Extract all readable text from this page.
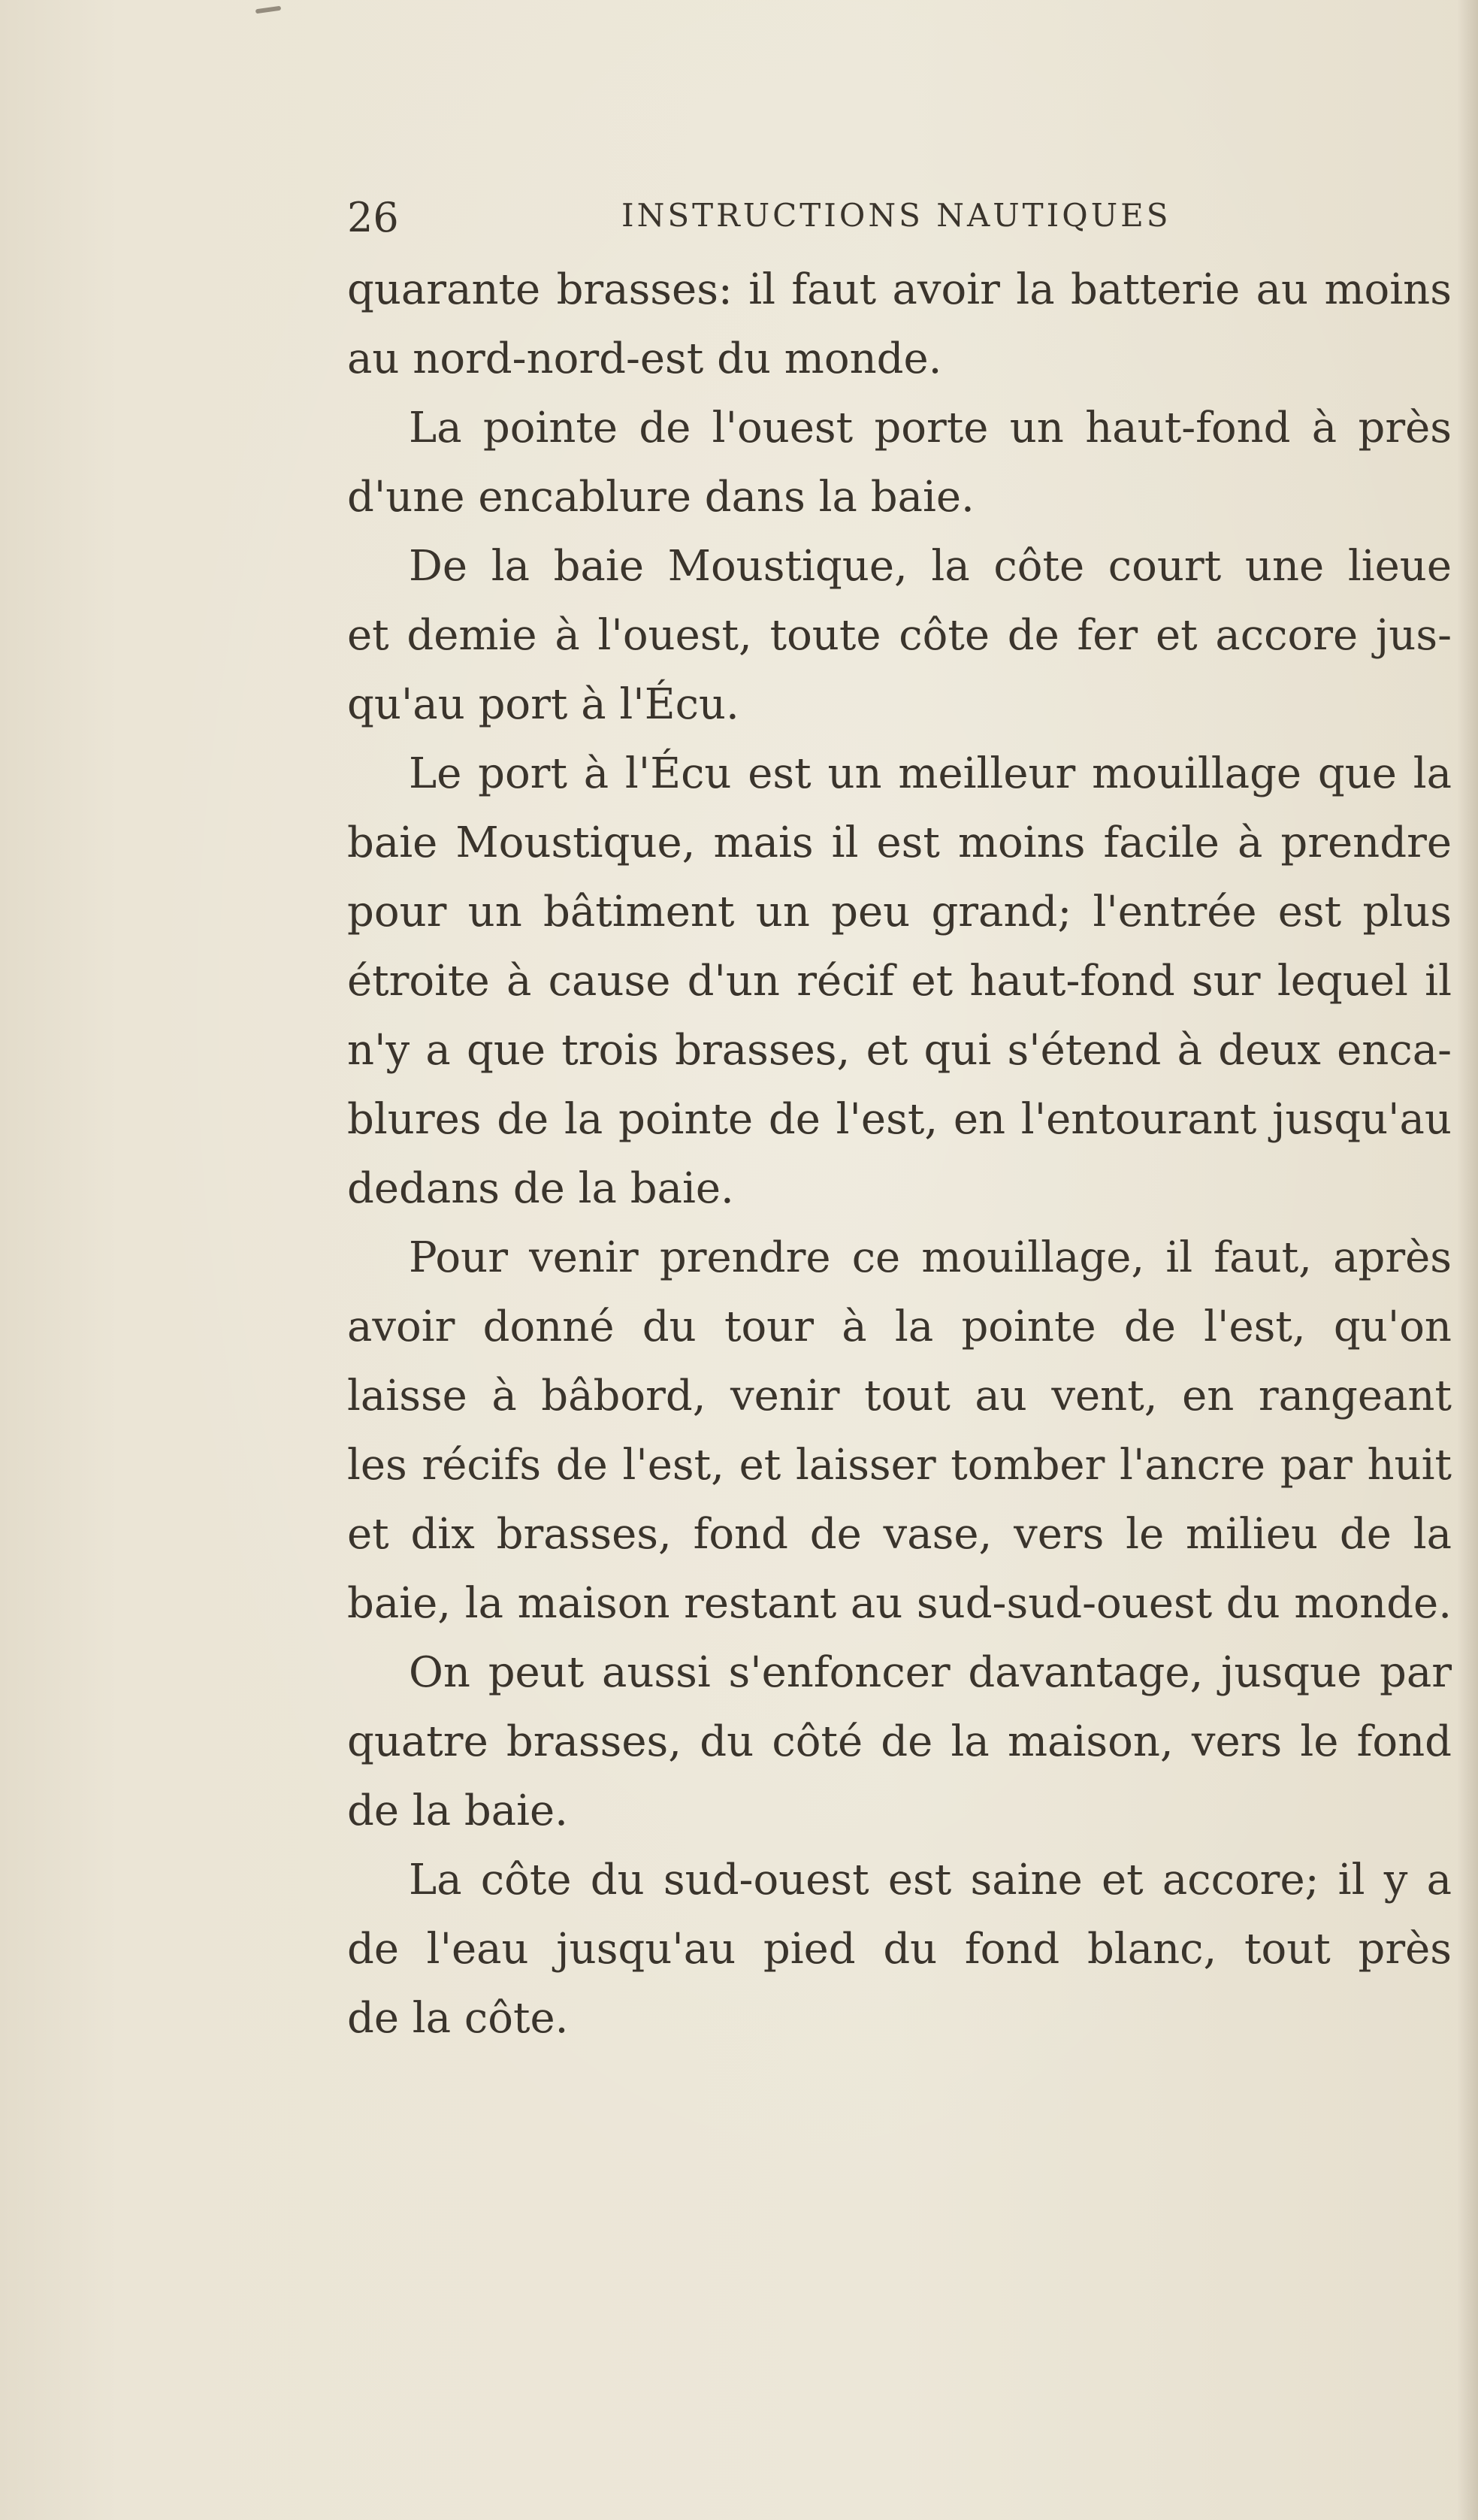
26	INSTRUCTIONS NAUTIQUES
quarante brasses: il faut avoir la batterie au moins
au nord-nord-est du monde.
La pointe de l'ouest porte un haut-fond à près
d'une encablure dans la baie.
De la baie Moustique, la côte court une lieue
et demie à l'ouest, toute côte de fer et accore jus-
qu'au port à l'Écu.
Le port à l'Écu est un meilleur mouillage que la
baie Moustique, mais il est moins facile à prendre
pour un bâtiment un peu grand; l'entrée est plus
étroite à cause d'un récif et haut-fond sur lequel il
n'y a que trois brasses, et qui s'étend à deux enca-
blures de la pointe de l'est, en l'entourant jusqu'au
dedans de la baie.
Pour venir prendre ce mouillage, il faut, après
avoir donné du tour à la pointe de l'est, qu'on
laisse à bâbord, venir tout au vent, en rangeant
les récifs de l'est, et laisser tomber l'ancre par huit
et dix brasses, fond de vase, vers le milieu de la
baie, la maison restant au sud-sud-ouest du monde.
On peut aussi s'enfoncer davantage, jusque par
quatre brasses, du côté de la maison, vers le fond
de la baie.
La côte du sud-ouest est saine et accore; il y a
de l'eau jusqu'au pied du fond blanc, tout près
de la côte.
